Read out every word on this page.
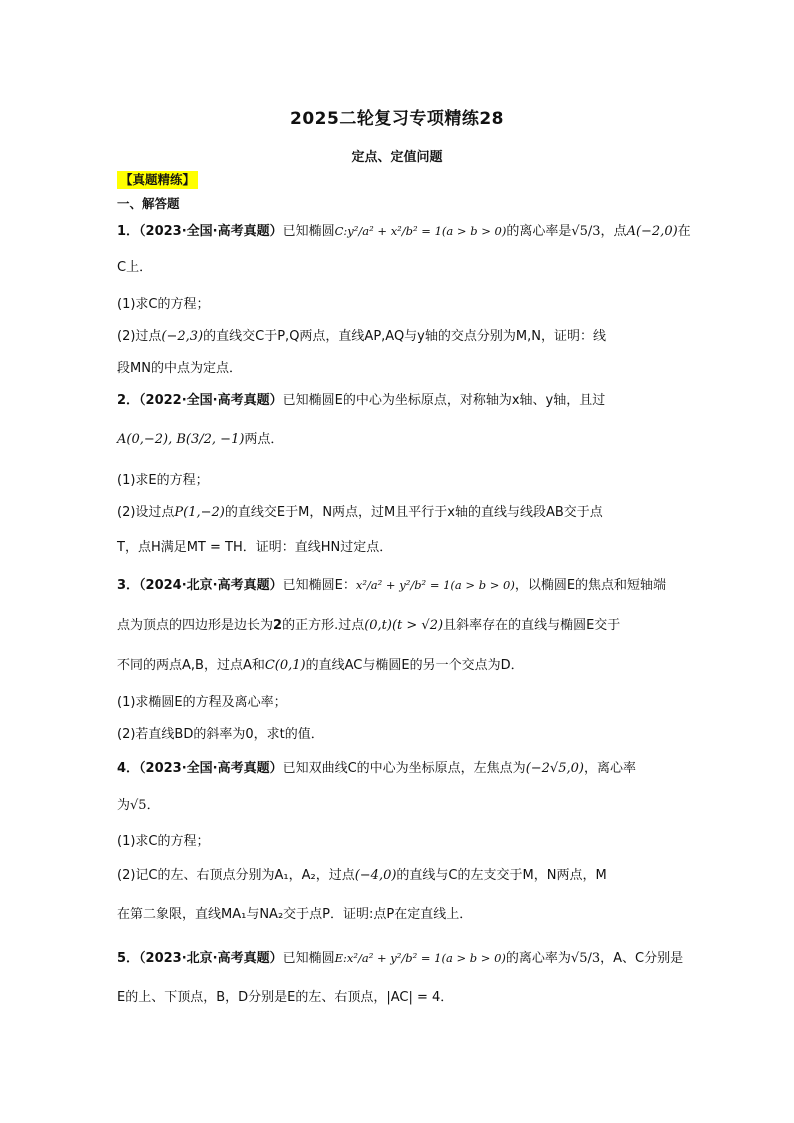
2025二轮复习专项精练28
定点、定值问题
【真题精练】
一、解答题
1．（2023·全国·高考真题）已知椭圆C:y²/a² + x²/b² = 1(a > b > 0)的离心率是√5/3，点A(−2,0)在
C上．
(1)求C的方程；
(2)过点(−2,3)的直线交C于P,Q两点，直线AP,AQ与y轴的交点分别为M,N，证明：线
段MN的中点为定点．
2．（2022·全国·高考真题）已知椭圆E的中心为坐标原点，对称轴为x轴、y轴，且过
A(0,−2), B(3/2, −1)两点．
(1)求E的方程；
(2)设过点P(1,−2)的直线交E于M，N两点，过M且平行于x轴的直线与线段AB交于点
T，点H满足MT = TH．证明：直线HN过定点．
3．（2024·北京·高考真题）已知椭圆E：x²/a² + y²/b² = 1(a > b > 0)，以椭圆E的焦点和短轴端
点为顶点的四边形是边长为2的正方形.过点(0,t)(t > √2)且斜率存在的直线与椭圆E交于
不同的两点A,B，过点A和C(0,1)的直线AC与椭圆E的另一个交点为D．
(1)求椭圆E的方程及离心率；
(2)若直线BD的斜率为0，求t的值．
4．（2023·全国·高考真题）已知双曲线C的中心为坐标原点，左焦点为(−2√5,0)，离心率
为√5．
(1)求C的方程；
(2)记C的左、右顶点分别为A₁，A₂，过点(−4,0)的直线与C的左支交于M，N两点，M
在第二象限，直线MA₁与NA₂交于点P．证明:点P在定直线上．
5．（2023·北京·高考真题）已知椭圆E:x²/a² + y²/b² = 1(a > b > 0)的离心率为√5/3，A、C分别是
E的上、下顶点，B，D分别是E的左、右顶点，|AC| = 4．
